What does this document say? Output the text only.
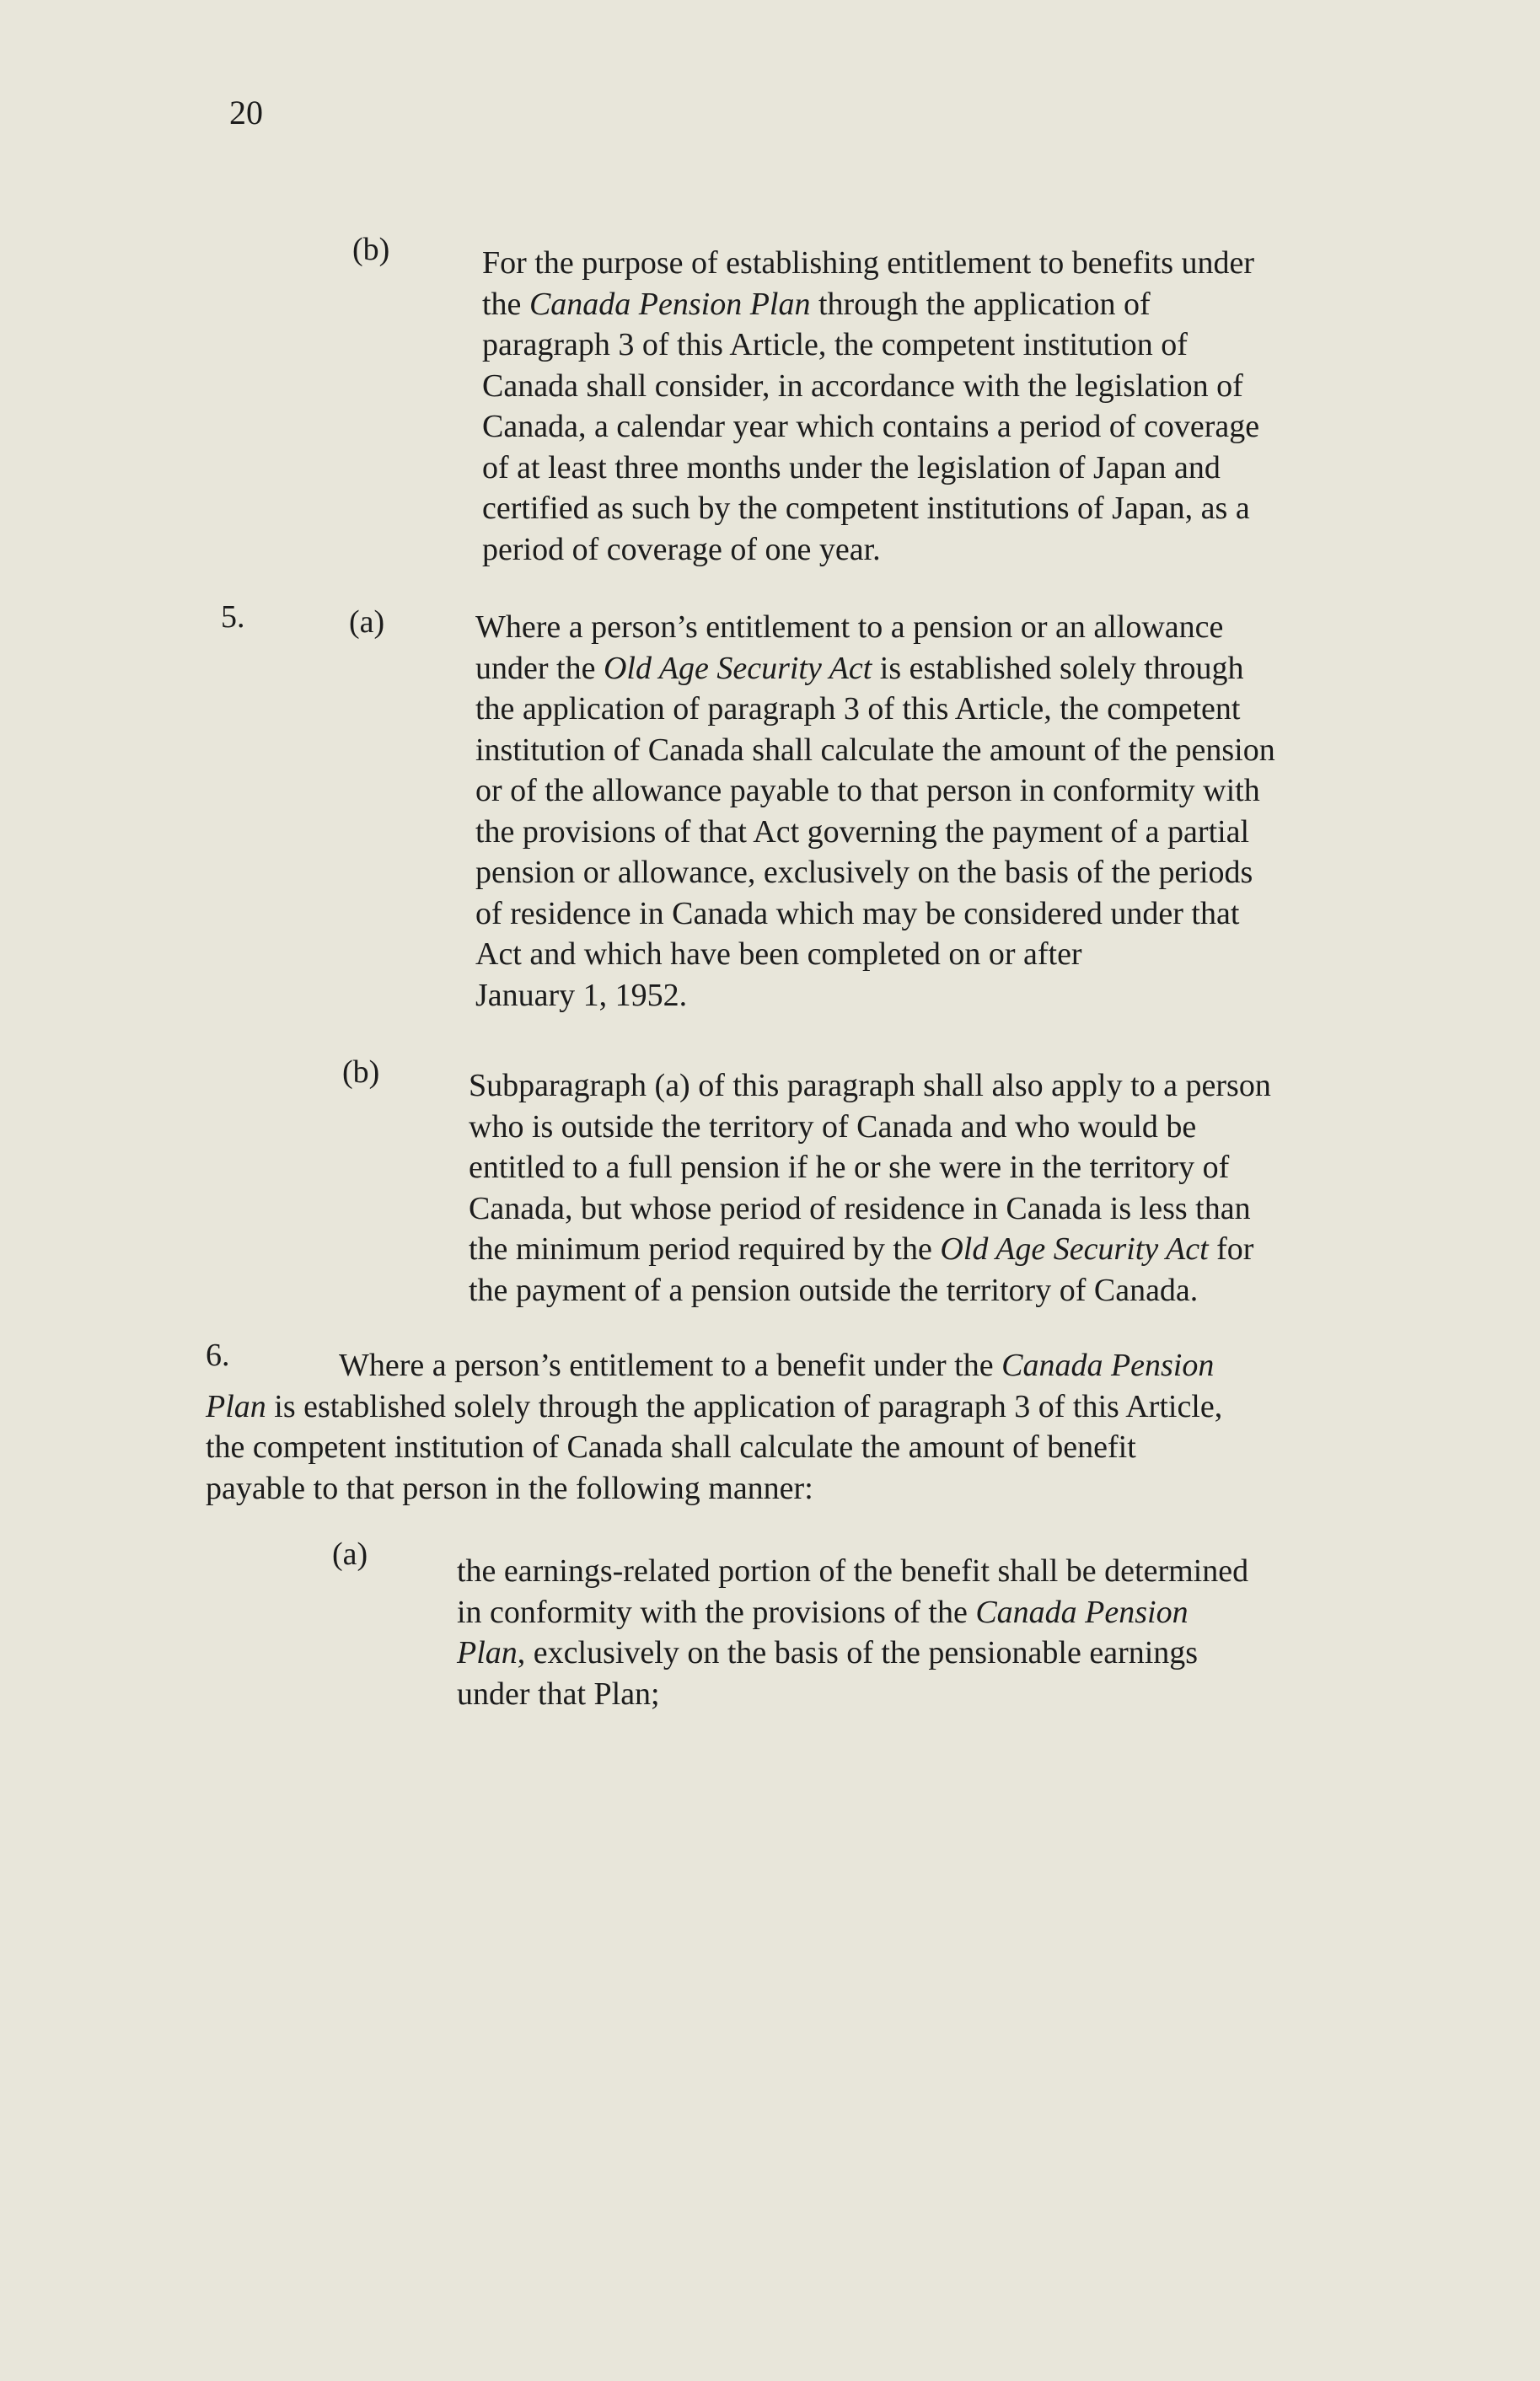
20
(b)	For the purpose of establishing entitlement to benefits under

the Canada Pension Plan through the application of

paragraph 3 of this Article, the competent institution of

Canada shall consider, in accordance with the legislation of

Canada, a calendar year which contains a period of coverage

of at least three months under the legislation of Japan and

certified as such by the competent institutions of Japan, as a

period of coverage of one year.

5.	(a)	Where a person’s entitlement to a pension or an allowance

under the Old Age Security Act is established solely through

the application of paragraph 3 of this Article, the competent

institution of Canada shall calculate the amount of the pension

or of the allowance payable to that person in conformity with

the provisions of that Act governing the payment of a partial

pension or allowance, exclusively on the basis of the periods

of residence in Canada which may be considered under that

Act and which have been completed on or after

January 1, 1952.

(b)	Subparagraph (a) of this paragraph shall also apply to a person

who is outside the territory of Canada and who would be

entitled to a full pension if he or she were in the territory of

Canada, but whose period of residence in Canada is less than

the minimum period required by the Old Age Security Act for

the payment of a pension outside the territory of Canada.

6.	Where a person’s entitlement to a benefit under the Canada Pension

Plan is established solely through the application of paragraph 3 of this Article,

the competent institution of Canada shall calculate the amount of benefit

payable to that person in the following manner:

(a)	the earnings-related portion of the benefit shall be determined

in conformity with the provisions of the Canada Pension

Plan, exclusively on the basis of the pensionable earnings

under that Plan;
